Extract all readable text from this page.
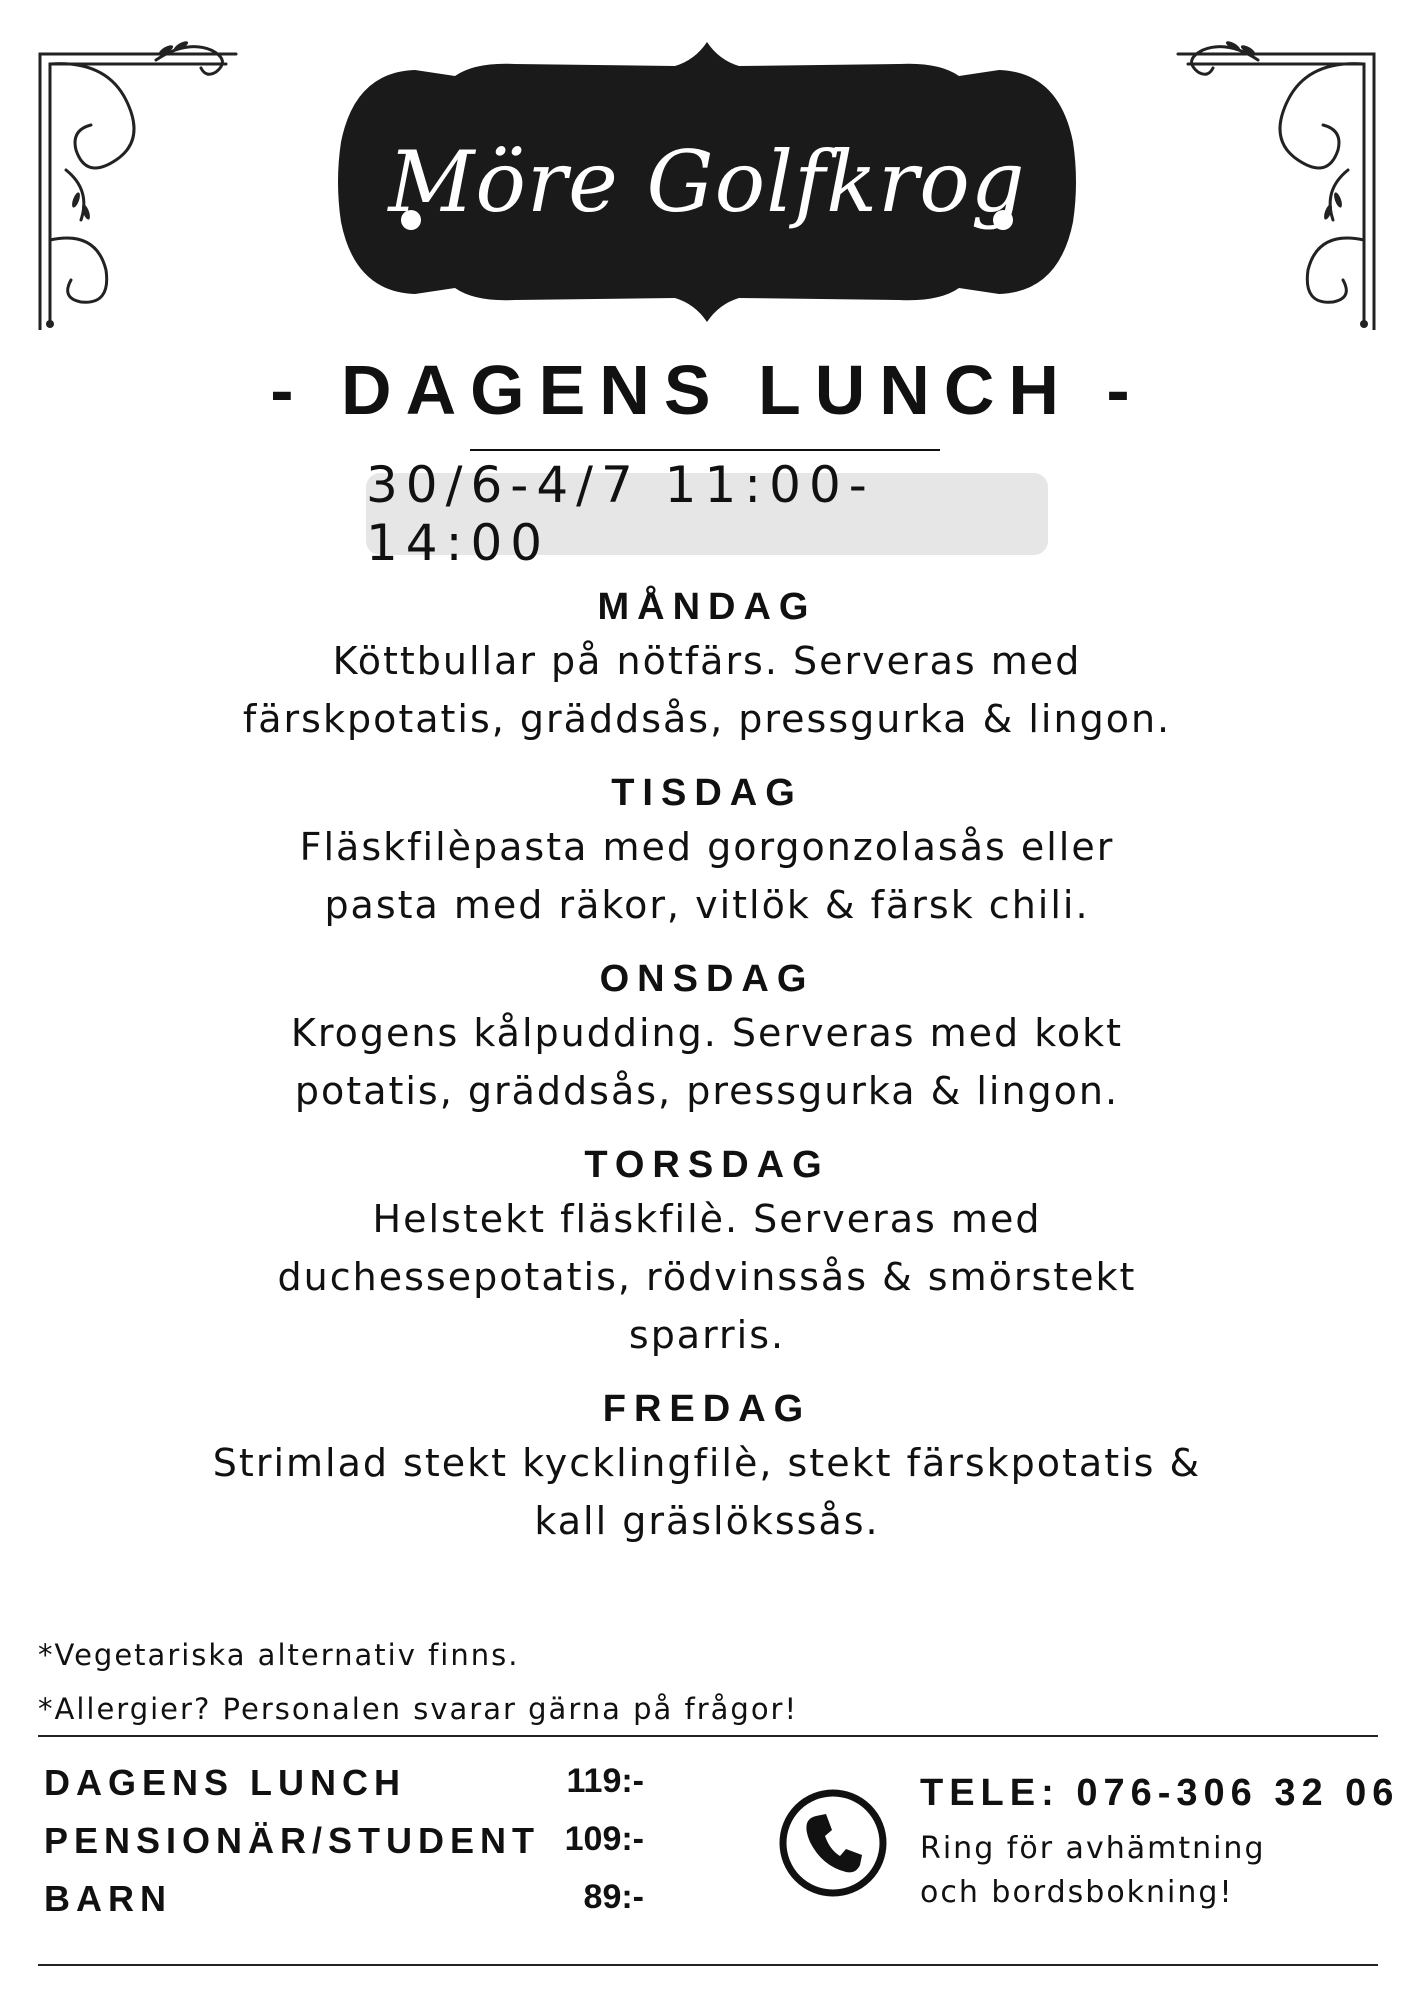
Möre Golfkrog
- DAGENS LUNCH -
30/6-4/7 11:00-14:00
MÅNDAG
Köttbullar på nötfärs. Serveras med
färskpotatis, gräddsås, pressgurka & lingon.
TISDAG
Fläskfilèpasta med gorgonzolasås eller
pasta med räkor, vitlök & färsk chili.
ONSDAG
Krogens kålpudding. Serveras med kokt
potatis, gräddsås, pressgurka & lingon.
TORSDAG
Helstekt fläskfilè. Serveras med
duchessepotatis, rödvinssås & smörstekt
sparris.
FREDAG
Strimlad stekt kycklingfilè, stekt färskpotatis &
kall gräslökssås.
*Vegetariska alternativ finns.
*Allergier? Personalen svarar gärna på frågor!
DAGENS LUNCH	119:-
PENSIONÄR/STUDENT 109:-
BARN	89:-
TELE: 076-306 32 06
Ring för avhämtning
och bordsbokning!
